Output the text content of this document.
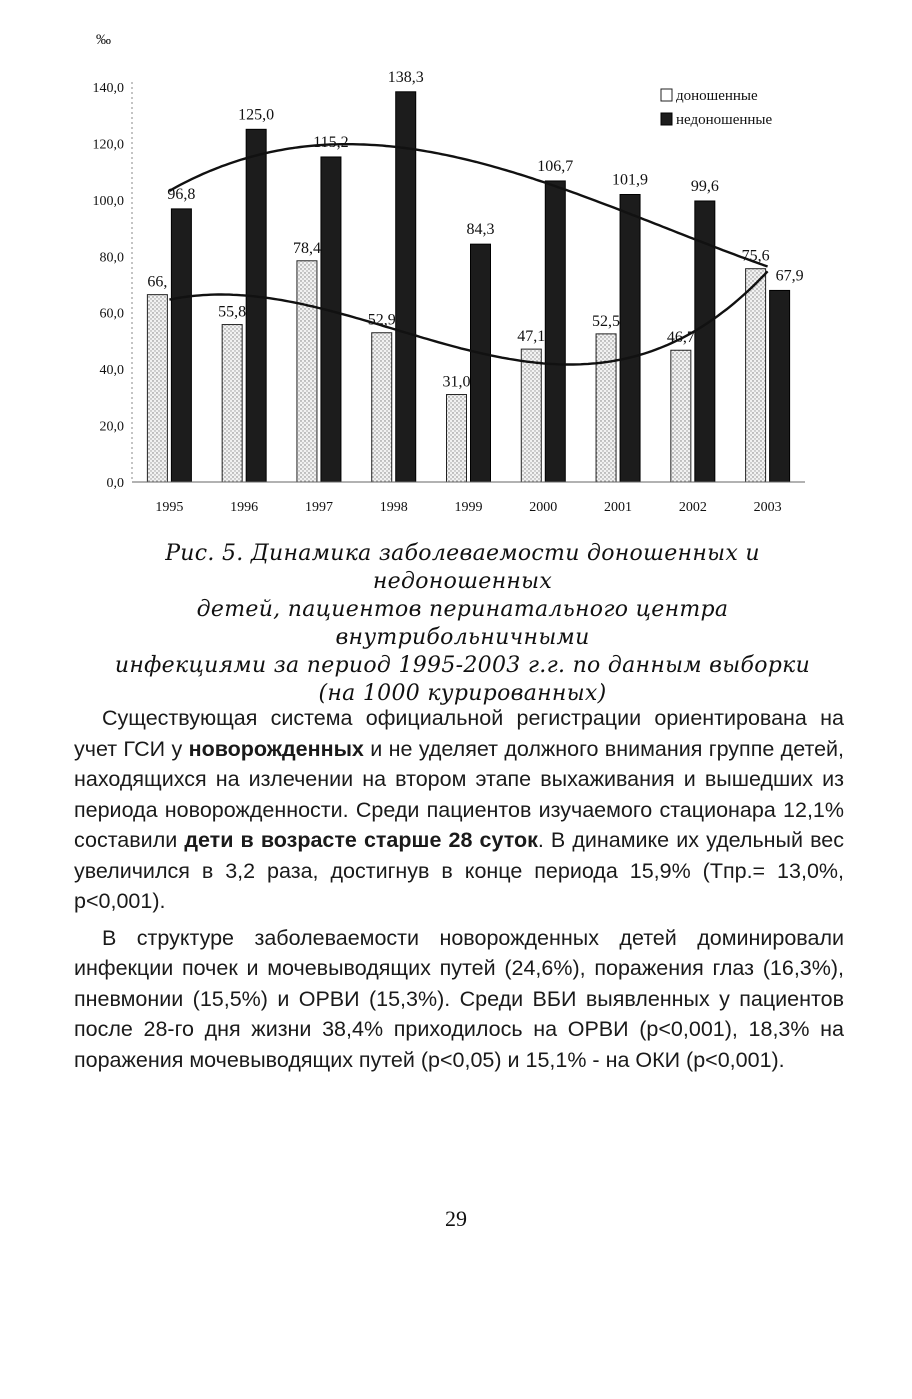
‰
0,0
20,0
40,0
60,0
80,0
100,0
120,0
140,0
66,
96,8
55,8
125,0
78,4
115,2
52,9
138,3
31,0
84,3
47,1
106,7
52,5
101,9
46,7
99,6
75,6
67,9
1995	1996	1997	1998	1999	2000	2001	2002	2003
доношенные
недоношенные
Рис. 5. Динамика заболеваемости доношенных и недоношенных
детей, пациентов перинатального центра внутрибольничными
инфекциями за период 1995-2003 г.г. по данным выборки
(на 1000 курированных)

Существующая система официальной регистрации ориентирована на учет ГСИ у новорожденных и не уделяет должного внимания группе детей, находящихся на излечении на втором этапе выхаживания и вышедших из периода новорожденности. Среди пациентов изучаемого стационара 12,1% составили дети в возрасте старше 28 суток. В динамике их удельный вес увеличился в 3,2 раза, достигнув в конце периода 15,9% (Tпр.= 13,0%, p<0,001).

В структуре заболеваемости новорожденных детей доминировали инфекции почек и мочевыводящих путей (24,6%), поражения глаз (16,3%), пневмонии (15,5%) и ОРВИ (15,3%). Среди ВБИ выявленных у пациентов после 28-го дня жизни 38,4% приходилось на ОРВИ (p<0,001), 18,3% на поражения мочевыводящих путей (p<0,05) и 15,1% - на ОКИ (p<0,001).

29
